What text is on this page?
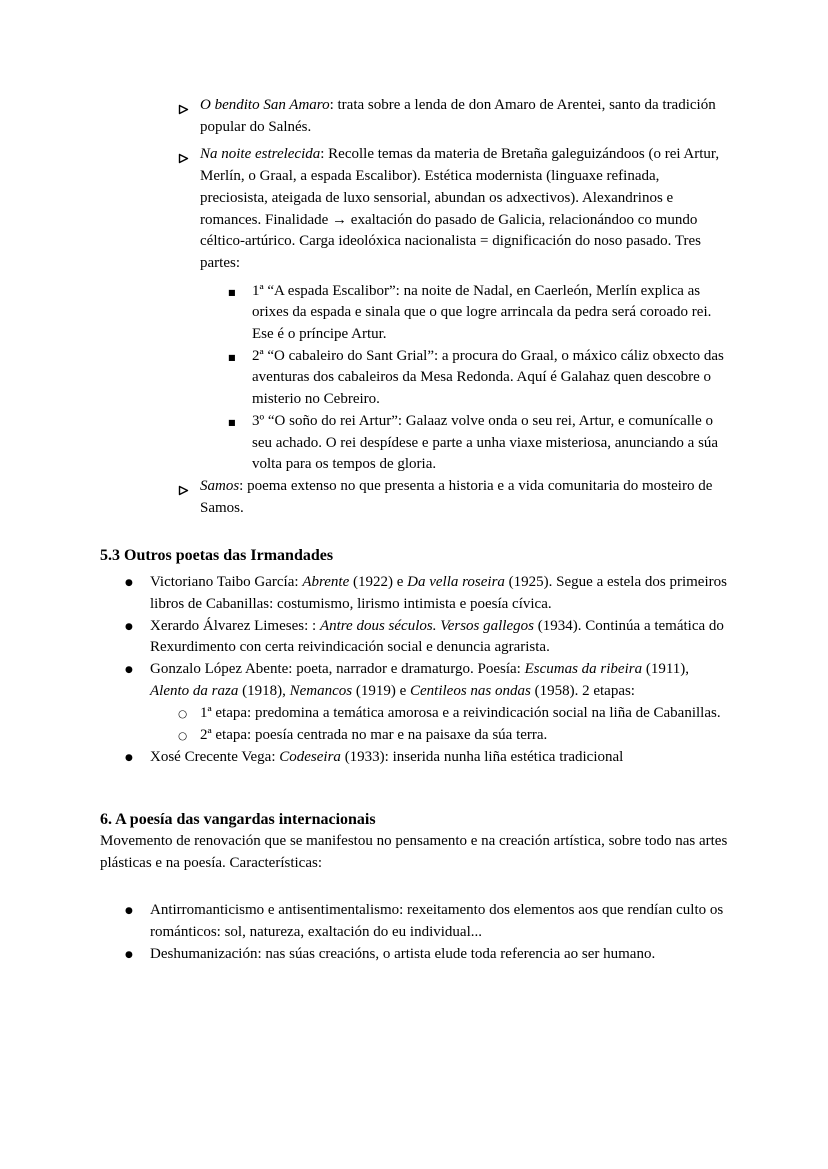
O bendito San Amaro: trata sobre a lenda de don Amaro de Arentei, santo da tradición popular do Salnés.
Na noite estrelecida: Recolle temas da materia de Bretaña galeguizándoos (o rei Artur, Merlín, o Graal, a espada Escalibor). Estética modernista (linguaxe refinada, preciosista, ateigada de luxo sensorial, abundan os adxectivos). Alexandrinos e romances. Finalidade → exaltación do pasado de Galicia, relacionándoo co mundo céltico-artúrico. Carga ideolóxica nacionalista = dignificación do noso pasado. Tres partes:
■	1ª “A espada Escalibor”: na noite de Nadal, en Caerleón, Merlín explica as orixes da espada e sinala que o que logre arrincala da pedra será coroado rei. Ese é o príncipe Artur.
■	2ª “O cabaleiro do Sant Grial”: a procura do Graal, o máxico cáliz obxecto das aventuras dos cabaleiros da Mesa Redonda. Aquí é Galahaz quen descobre o misterio no Cebreiro.
■	3º “O soño do rei Artur”: Galaaz volve onda o seu rei, Artur, e comunícalle o seu achado. O rei despídese e parte a unha viaxe misteriosa, anunciando a súa volta para os tempos de gloria.
Samos: poema extenso no que presenta a historia e a vida comunitaria do mosteiro de Samos.
5.3 Outros poetas das Irmandades
●	Victoriano Taibo García: Abrente (1922) e Da vella roseira (1925). Segue a estela dos primeiros libros de Cabanillas: costumismo, lirismo intimista e poesía cívica.
●	Xerardo Álvarez Limeses: : Antre dous séculos. Versos gallegos (1934). Continúa a temática do Rexurdimento con certa reivindicación social e denuncia agrarista.
●	Gonzalo López Abente: poeta, narrador e dramaturgo. Poesía: Escumas da ribeira (1911),  Alento da raza (1918), Nemancos (1919) e Centileos nas ondas (1958). 2 etapas:
○ 1ª etapa: predomina a temática amorosa e a reivindicación social na liña de Cabanillas.
○ 2ª etapa: poesía centrada no mar e na paisaxe da súa terra.
●	Xosé Crecente Vega: Codeseira (1933): inserida nunha liña estética tradicional
6. A poesía das vangardas internacionais
Movemento de renovación que se manifestou no pensamento e na creación artística, sobre todo nas artes plásticas e na poesía. Características:
●	Antirromanticismo e antisentimentalismo: rexeitamento dos elementos aos que rendían culto os románticos: sol, natureza, exaltación do eu individual...
●	Deshumanización: nas súas creacións, o artista elude toda referencia ao ser humano.
